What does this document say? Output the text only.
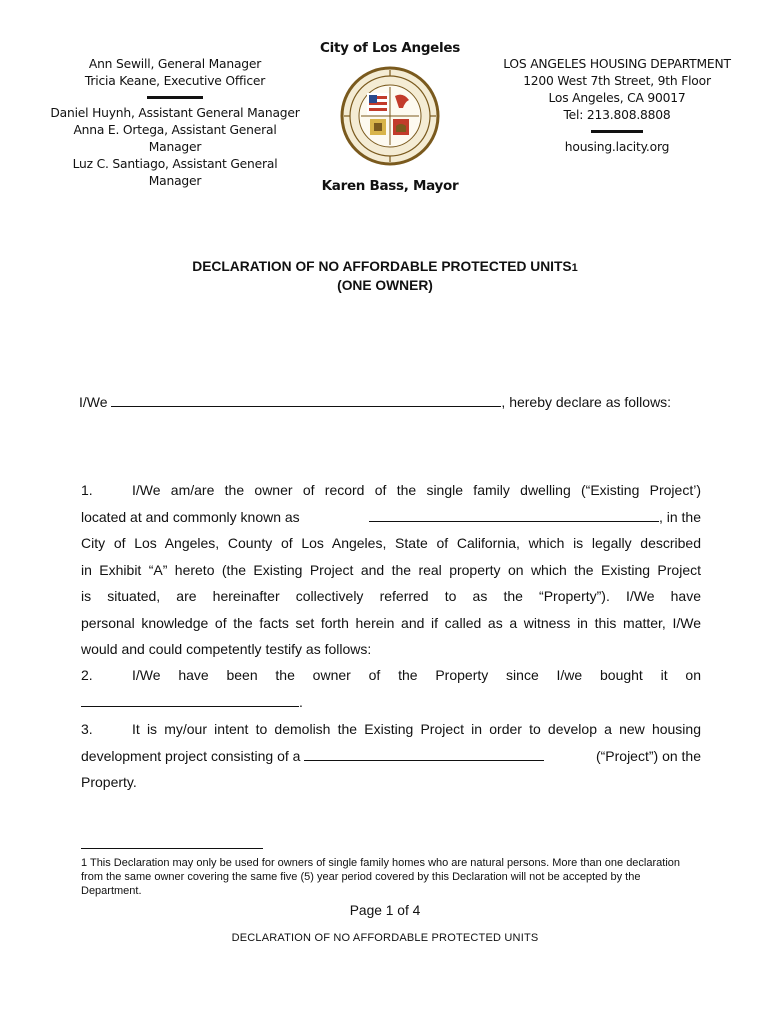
Ann Sewill, General Manager
Tricia Keane, Executive Officer
Daniel Huynh, Assistant General Manager
Anna E. Ortega, Assistant General Manager
Luz C. Santiago, Assistant General Manager
City of Los Angeles
Karen Bass, Mayor
LOS ANGELES HOUSING DEPARTMENT
1200 West 7th Street, 9th Floor
Los Angeles, CA 90017
Tel: 213.808.8808
housing.lacity.org
DECLARATION OF NO AFFORDABLE PROTECTED UNITS1
(ONE OWNER)
I/We	, hereby declare as follows:
1.	I/We am/are the owner of record of the single family dwelling (“Existing Project’)
located at and commonly known as	, in the
City of Los Angeles, County of Los Angeles, State of California, which is legally described
in Exhibit “A” hereto (the Existing Project and the real property on which the Existing Project
is situated, are hereinafter collectively referred to as the “Property”). I/We have
personal knowledge of the facts set forth herein and if called as a witness in this matter, I/We
would and could competently testify as follows:
2.	I/We have been the owner of the Property since I/we bought it on
.
3.	It is my/our intent to demolish the Existing Project in order to develop a new housing
development project consisting of a	(“Project”) on the
Property.
1 This Declaration may only be used for owners of single family homes who are natural persons. More than one declaration from the same owner covering the same five (5) year period covered by this Declaration will not be accepted by the Department.
Page 1 of 4
DECLARATION OF NO AFFORDABLE PROTECTED UNITS
